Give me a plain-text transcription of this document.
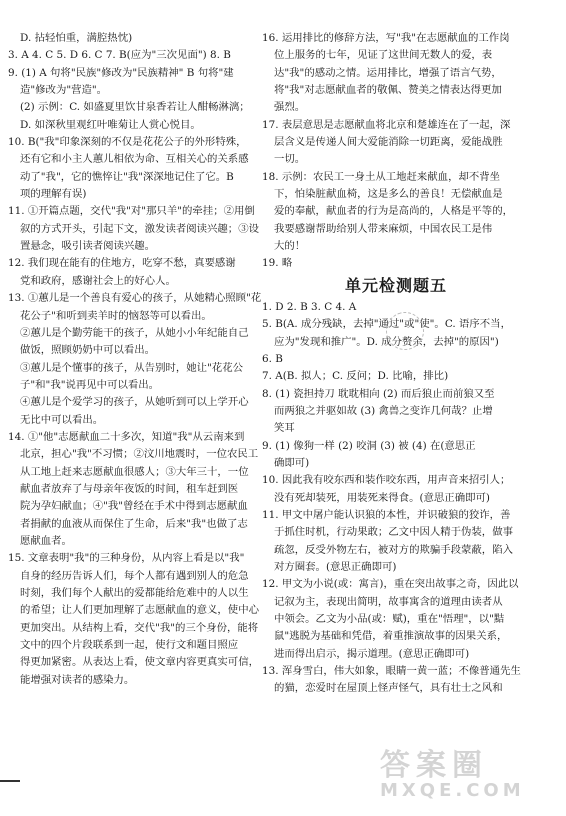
D. 拈轻怕重，满腔热忱)
3. A 4. C 5. D 6. C 7. B(应为"三次见面") 8. B
9. (1) A 句将"民族"修改为"民族精神" B 句将"建
造"修改为"营造"。
(2) 示例：C. 如盛夏里饮甘泉香若让人酣畅淋漓；
D. 如深秋里观红叶唯菊让人赏心悦目。
10. B("我"印象深刻的不仅是花花公子的外形特殊，
还有它和小主人蕙儿相依为命、互相关心的关系感
动了"我"，它的憔悴让"我"深深地记住了它。B
项的理解有误)
11. ①开篇点题，交代"我"对"那只羊"的牵挂；②用倒
叙的方式开头，引起下文，激发读者阅读兴趣；③设
置悬念，吸引读者阅读兴趣。
12. 我们现在能有的住地方，吃穿不愁，真要感谢
党和政府，感谢社会上的好心人。
13. ①蕙儿是一个善良有爱心的孩子，从她精心照顾"花
花公子"和听到卖羊时的恼怒等可以看出。
②蕙儿是个勤劳能干的孩子，从她小小年纪能自己
做饭，照顾奶奶中可以看出。
③蕙儿是个懂事的孩子，从告别时，她让"花花公
子"和"我"说再见中可以看出。
④蕙儿是个爱学习的孩子，从她听到可以上学开心
无比中可以看出。
14. ①"他"志愿献血二十多次，知道"我"从云南来到
北京，担心"我"不习惯；②汶川地震时，一位农民工
从工地上赶来志愿献血很感人；③大年三十，一位
献血者放弃了与母亲年夜饭的时间，租车赶到医
院为孕妇献血；④"我"曾经在手术中得到志愿献血
者捐献的血液从而保住了生命，后来"我"也做了志
愿献血者。
15. 文章表明"我"的三种身份，从内容上看是以"我"
自身的经历告诉人们，每个人都有遇到别人的危急
时刻，我们每个人献出的爱都能给危难中的人以生
的希望；让人们更加理解了志愿献血的意义，使中心
更加突出。从结构上看，交代"我"的三个身份，能将
文中的四个片段联系到一起，使行文和题目照应
得更加紧密。从表达上看，使文章内容更真实可信，
能增强对读者的感染力。
16. 运用排比的修辞方法，写"我"在志愿献血的工作岗
位上服务的七年，见证了这世间无数人的爱，表
达"我"的感动之情。运用排比，增强了语言气势，
将"我"对志愿献血者的敬佩、赞美之情表达得更加
强烈。
17. 表层意思是志愿献血将北京和楚雄连在了一起，深
层含义是传递人间大爱能消除一切距离，爱能战胜
一切。
18. 示例：农民工一身土从工地赶来献血，却不背坐
下，怕染脏献血椅，这是多么的善良！无偿献血是
爱的奉献，献血者的行为是高尚的，人格是平等的，
我要感谢帮助给别人带来麻烦，中国农民工是伟
大的！
19. 略
单元检测题五
1. D 2. B 3. C 4. A
5. B(A. 成分残缺，去掉"通过"或"使"。C. 语序不当，
应为"发现和推广"。D. 成分赘余，去掉"的原因")
6. B
7. A(B. 拟人；C. 反问；D. 比喻，排比)
8. (1) 瓷担持刀 耽耽相向 (2) 而后狼止而前狼又至
而两狼之并驱如故 (3) 禽兽之变诈几何哉？止增
笑耳
9. (1) 像狗一样 (2) 咬洞 (3) 被 (4) 在(意思正
确即可)
10. 因此我有咬东西和装作咬东西，用声音来招引人；
没有死却装死，用装死来得食。(意思正确即可)
11. 甲文中屠户能认识狼的本性，并识破狼的狡诈，善
于抓住时机，行动果敢；乙文中因人精于伪装，做事
疏忽，反受外物左右，被对方的欺骗手段蒙蔽，陷入
对方圈套。(意思正确即可)
12. 甲文为小说(或：寓言)，重在突出故事之奇，因此以
记叙为主，表现出简明，故事寓含的道理由读者从
中领会。乙文为小品(或：赋)，重在"悟理"，以"黠
鼠"逃脱为基础和凭借，着重推演故事的因果关系，
进而得出启示，揭示道理。(意思正确即可)
13. 浑身雪白，伟大如象，眼睛一黄一蓝；不像普通先生
的猫，恋爱时在屋顶上怪声怪气，具有壮士之风和
答案圈
MXQE.COM
